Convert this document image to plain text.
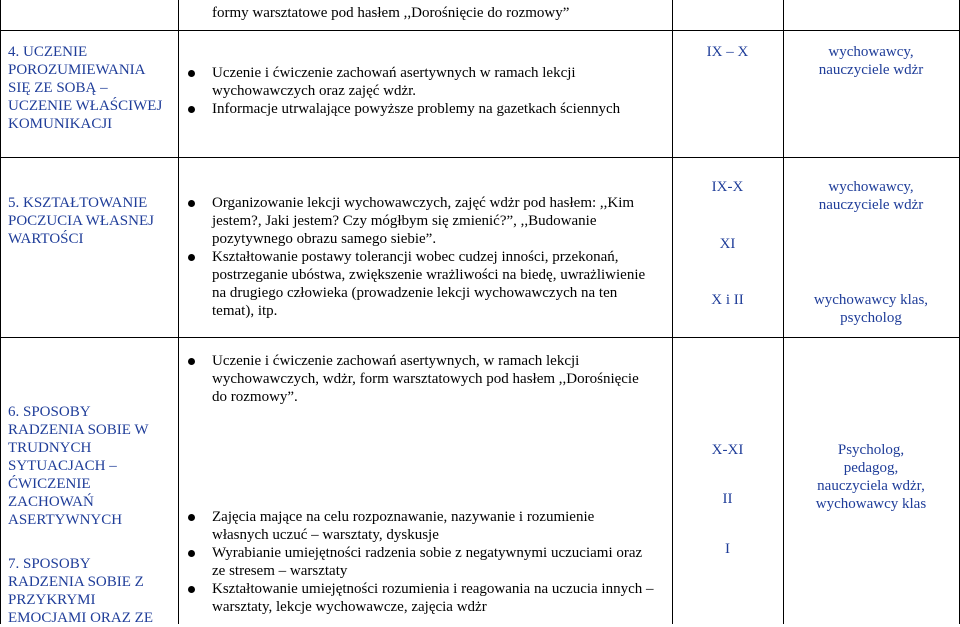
formy warsztatowe pod hasłem ,,Dorośnięcie do rozmowy”

4. UCZENIE

POROZUMIEWANIA

SIĘ ZE SOBĄ –

UCZENIE WŁAŚCIWEJ

KOMUNIKACJI

Uczenie i ćwiczenie zachowań asertywnych w ramach lekcji wychowawczych oraz zajęć wdżr.
Informacje utrwalające powyższe problemy na gazetkach ściennych
IX – X	wychowawcy, nauczyciele wdżr

5. KSZTAŁTOWANIE

POCZUCIA WŁASNEJ

WARTOŚCI

Organizowanie lekcji wychowawczych, zajęć wdżr pod hasłem: ,,Kim jestem?, Jaki jestem? Czy mógłbym się zmienić?”, ,,Budowanie pozytywnego obrazu samego siebie”.
Kształtowanie postawy tolerancji wobec cudzej inności, przekonań, postrzeganie ubóstwa, zwiększenie wrażliwości na biedę, uwrażliwienie na drugiego człowieka (prowadzenie lekcji wychowawczych na ten temat), itp.
IX-X
XI
X i II
wychowawcy, nauczyciele wdżr
wychowawcy klas, psycholog

6. SPOSOBY

RADZENIA SOBIE W

TRUDNYCH

SYTUACJACH –

ĆWICZENIE

ZACHOWAŃ

ASERTYWNYCH

7. SPOSOBY

RADZENIA SOBIE Z

PRZYKRYMI

EMOCJAMI ORAZ ZE

Uczenie i ćwiczenie zachowań asertywnych, w ramach lekcji wychowawczych, wdżr, form warsztatowych pod hasłem ,,Dorośnięcie do rozmowy”.
Zajęcia mające na celu rozpoznawanie, nazywanie i rozumienie własnych uczuć – warsztaty, dyskusje
Wyrabianie umiejętności radzenia sobie z negatywnymi uczuciami oraz ze stresem – warsztaty
Kształtowanie umiejętności rozumienia i reagowania na uczucia innych – warsztaty, lekcje wychowawcze, zajęcia wdżr
X-XI
II
I

Psycholog,

pedagog,

nauczyciela wdżr,

wychowawcy klas
